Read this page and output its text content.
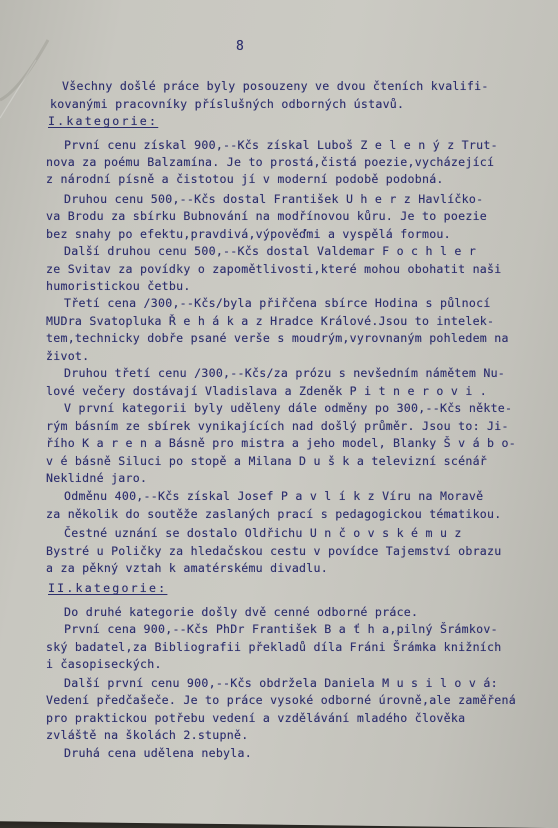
8
Všechny došlé práce byly posouzeny ve dvou čteních kvalifi-
kovanými pracovníky příslušných odborných ústavů.
I.kategorie:
První cenu získal 900,--Kčs získal Luboš Z e l e n ý z Trut-
nova za poému Balzamína. Je to prostá,čistá poezie,vycházející
z národní písně a čistotou jí v moderní podobě podobná.
Druhou cenu 500,--Kčs dostal František U h e r z Havlíčko-
va Brodu za sbírku Bubnování na modřínovou kůru. Je to poezie
bez snahy po efektu,pravdivá,výpověďmi a vyspělá formou.
Další druhou cenu 500,--Kčs dostal Valdemar F o c h l e r
ze Svitav za povídky o zapomětlivosti,které mohou obohatit naši
humoristickou četbu.
Třetí cena /300,--Kčs/byla přiřčena sbírce Hodina s půlnocí
MUDra Svatopluka Ř e h á k a z Hradce Králové.Jsou to intelek-
tem,technicky dobře psané verše s moudrým,vyrovnaným pohledem na
život.
Druhou třetí cenu /300,--Kčs/za prózu s nevšedním námětem Nu-
lové večery dostávají Vladislava a Zdeněk P i t n e r o v i .
V první kategorii byly uděleny dále odměny po 300,--Kčs někte-
rým básním ze sbírek vynikajících nad došlý průměr. Jsou to: Ji-
řího K a r e n a Básně pro mistra a jeho model, Blanky Š v á b o-
v é básně Siluci po stopě a Milana D u š k a televizní scénář
Neklidné jaro.
Odměnu 400,--Kčs získal Josef P a v l í k z Víru na Moravě
za několik do soutěže zaslaných prací s pedagogickou tématikou.
Čestné uznání se dostalo Oldřichu U n č o v s k é m u z
Bystré u Poličky za hledačskou cestu v povídce Tajemství obrazu
a za pěkný vztah k amatérskému divadlu.
II.kategorie:
Do druhé kategorie došly dvě cenné odborné práce.
První cena 900,--Kčs PhDr František B a ť h a,pilný Šrámkov-
ský badatel,za Bibliografii překladů díla Fráni Šrámka knižních
i časopiseckých.
Další první cenu 900,--Kčs obdržela Daniela M u s i l o v á:
Vedení předčašeče. Je to práce vysoké odborné úrovně,ale zaměřená
pro praktickou potřebu vedení a vzdělávání mladého člověka
zvláště na školách 2.stupně.
Druhá cena udělena nebyla.
